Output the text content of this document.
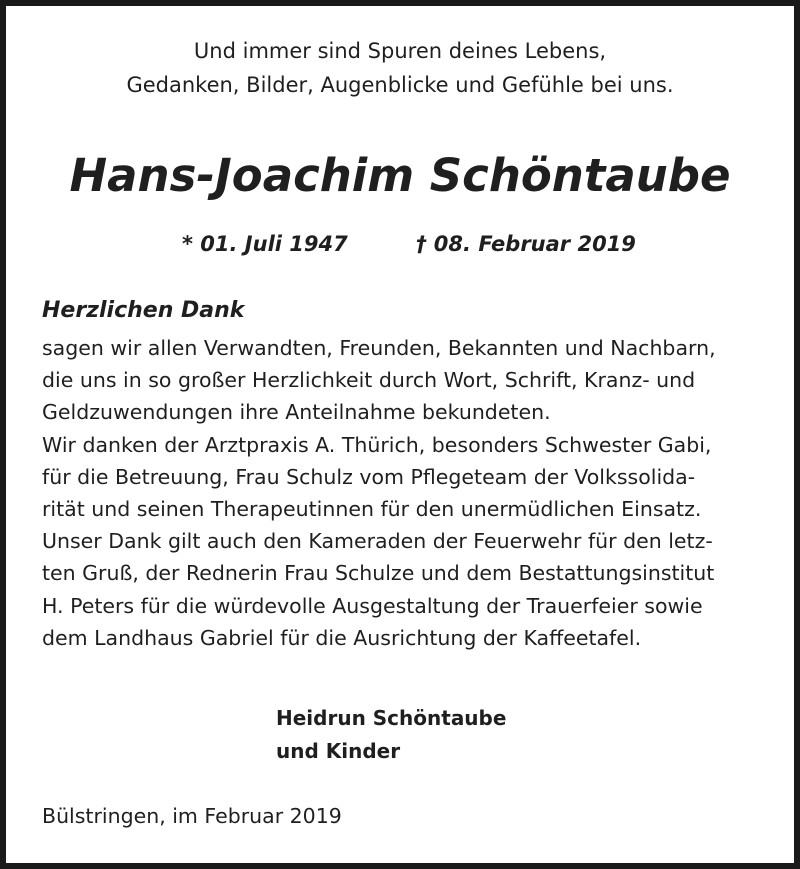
Und immer sind Spuren deines Lebens,
Gedanken, Bilder, Augenblicke und Gefühle bei uns.
Hans-Joachim Schöntaube
* 01. Juli 1947	† 08. Februar 2019
Herzlichen Dank
sagen wir allen Verwandten, Freunden, Bekannten und Nachbarn,
die uns in so großer Herzlichkeit durch Wort, Schrift, Kranz- und
Geldzuwendungen ihre Anteilnahme bekundeten.
Wir danken der Arztpraxis A. Thürich, besonders Schwester Gabi,
für die Betreuung, Frau Schulz vom Pflegeteam der Volkssolida-
rität und seinen Therapeutinnen für den unermüdlichen Einsatz.
Unser Dank gilt auch den Kameraden der Feuerwehr für den letz-
ten Gruß, der Rednerin Frau Schulze und dem Bestattungsinstitut
H. Peters für die würdevolle Ausgestaltung der Trauerfeier sowie
dem Landhaus Gabriel für die Ausrichtung der Kaffeetafel.
Heidrun Schöntaube
und Kinder
Bülstringen, im Februar 2019
